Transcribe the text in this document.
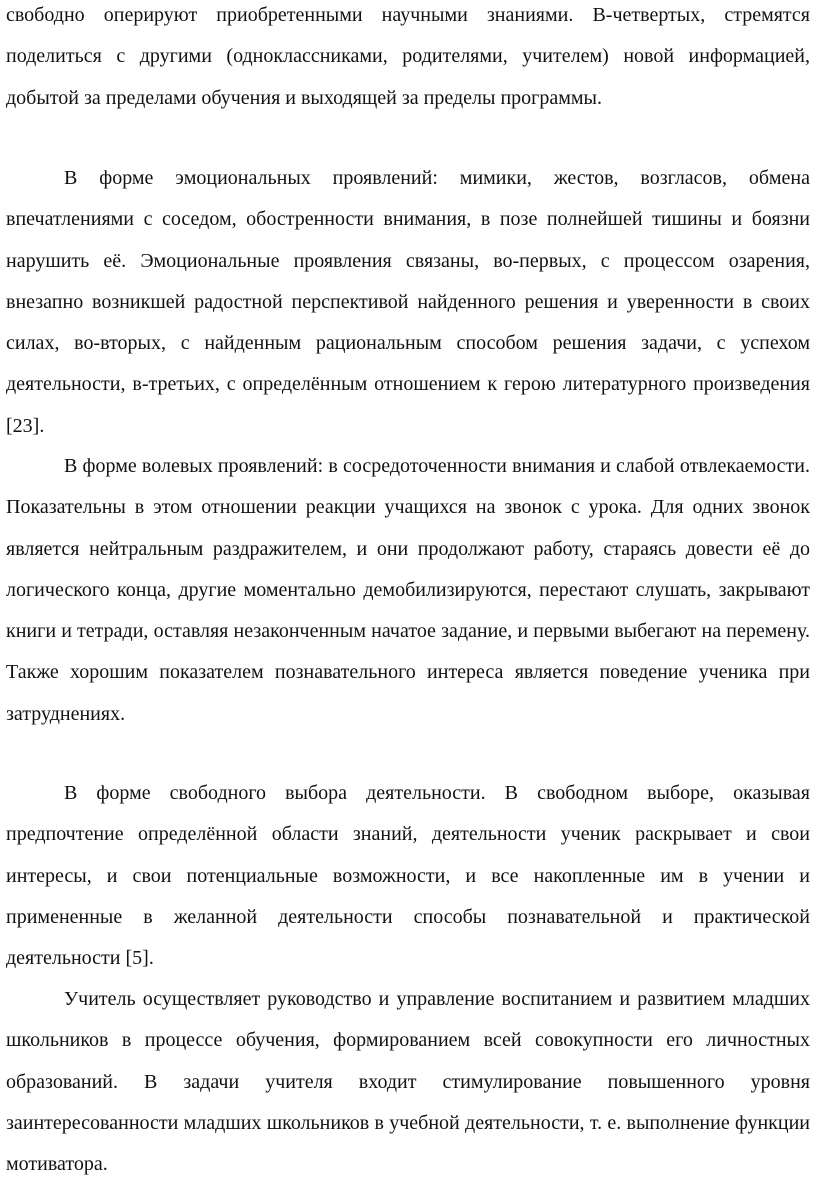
свободно оперируют приобретенными научными знаниями. В-четвертых, стремятся поделиться с другими (одноклассниками, родителями, учителем) новой информацией, добытой за пределами обучения и выходящей за пределы программы.

В форме эмоциональных проявлений: мимики, жестов, возгласов, обмена впечатлениями с соседом, обостренности внимания, в позе полнейшей тишины и боязни нарушить её. Эмоциональные проявления связаны, во-первых, с процессом озарения, внезапно возникшей радостной перспективой найденного решения и уверенности в своих силах, во-вторых, с найденным рациональным способом решения задачи, с успехом деятельности, в-третьих, с определённым отношением к герою литературного произведения [23].

В форме волевых проявлений: в сосредоточенности внимания и слабой отвлекаемости. Показательны в этом отношении реакции учащихся на звонок с урока. Для одних звонок является нейтральным раздражителем, и они продолжают работу, стараясь довести её до логического конца, другие моментально демобилизируются, перестают слушать, закрывают книги и тетради, оставляя незаконченным начатое задание, и первыми выбегают на перемену. Также хорошим показателем познавательного интереса является поведение ученика при затруднениях.

В форме свободного выбора деятельности. В свободном выборе, оказывая предпочтение определённой области знаний, деятельности ученик раскрывает и свои интересы, и свои потенциальные возможности, и все накопленные им в учении и примененные в желанной деятельности способы познавательной и практической деятельности [5].

Учитель осуществляет руководство и управление воспитанием и развитием младших школьников в процессе обучения, формированием всей совокупности его личностных образований. В задачи учителя входит стимулирование повышенного уровня заинтересованности младших школьников в учебной деятельности, т. е. выполнение функции мотиватора.
